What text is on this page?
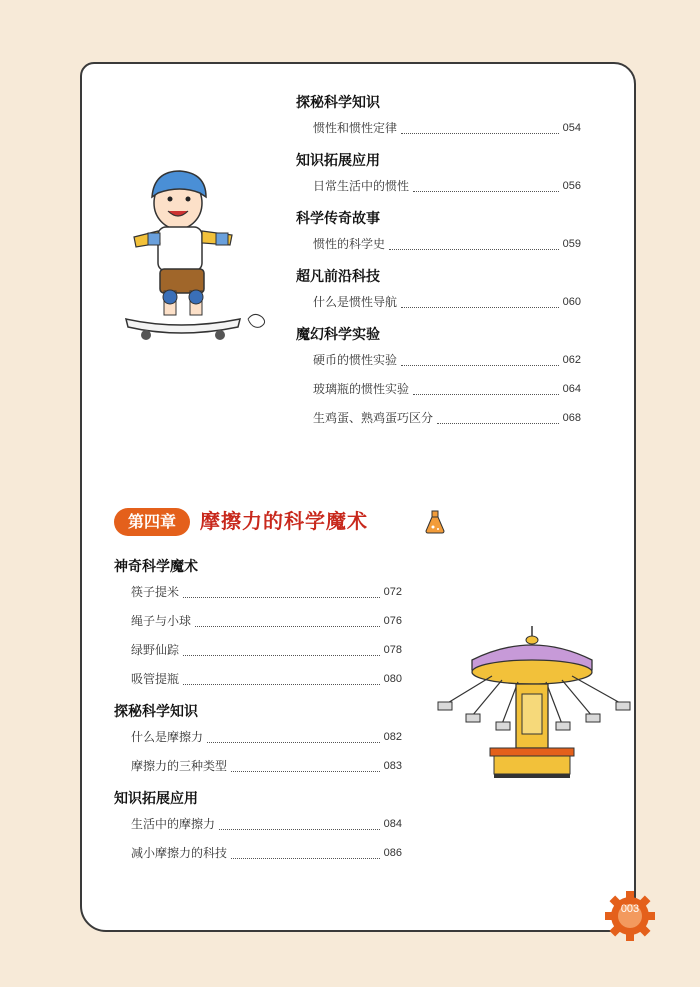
探秘科学知识
惯性和惯性定律	054
知识拓展应用
日常生活中的惯性	056
科学传奇故事
惯性的科学史	059
超凡前沿科技
什么是惯性导航	060
魔幻科学实验
硬币的惯性实验	062
玻璃瓶的惯性实验	064
生鸡蛋、熟鸡蛋巧区分	068
第四章	摩擦力的科学魔术
神奇科学魔术
筷子提米	072
绳子与小球	076
绿野仙踪	078
吸管提瓶	080
探秘科学知识
什么是摩擦力	082
摩擦力的三种类型	083
知识拓展应用
生活中的摩擦力	084
减小摩擦力的科技	086
003
